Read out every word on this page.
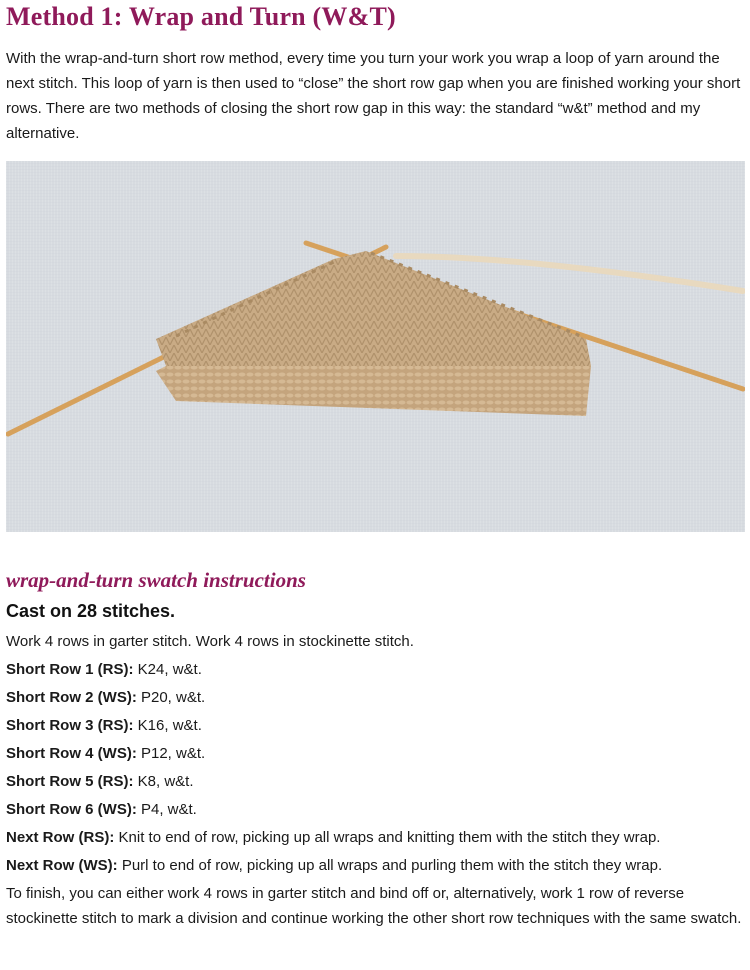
Method 1: Wrap and Turn (W&T)

With the wrap-and-turn short row method, every time you turn your work you wrap a loop of yarn around the next stitch. This loop of yarn is then used to “close” the short row gap when you are finished working your short rows. There are two methods of closing the short row gap in this way: the standard “w&t” method and my alternative.

wrap-and-turn swatch instructions
Cast on 28 stitches.
Work 4 rows in garter stitch. Work 4 rows in stockinette stitch.
Short Row 1 (RS): K24, w&t.
Short Row 2 (WS): P20, w&t.
Short Row 3 (RS): K16, w&t.
Short Row 4 (WS): P12, w&t.
Short Row 5 (RS): K8, w&t.
Short Row 6 (WS): P4, w&t.
Next Row (RS): Knit to end of row, picking up all wraps and knitting them with the stitch they wrap.
Next Row (WS): Purl to end of row, picking up all wraps and purling them with the stitch they wrap.

To finish, you can either work 4 rows in garter stitch and bind off or, alternatively, work 1 row of reverse stockinette stitch to mark a division and continue working the other short row techniques with the same swatch.
